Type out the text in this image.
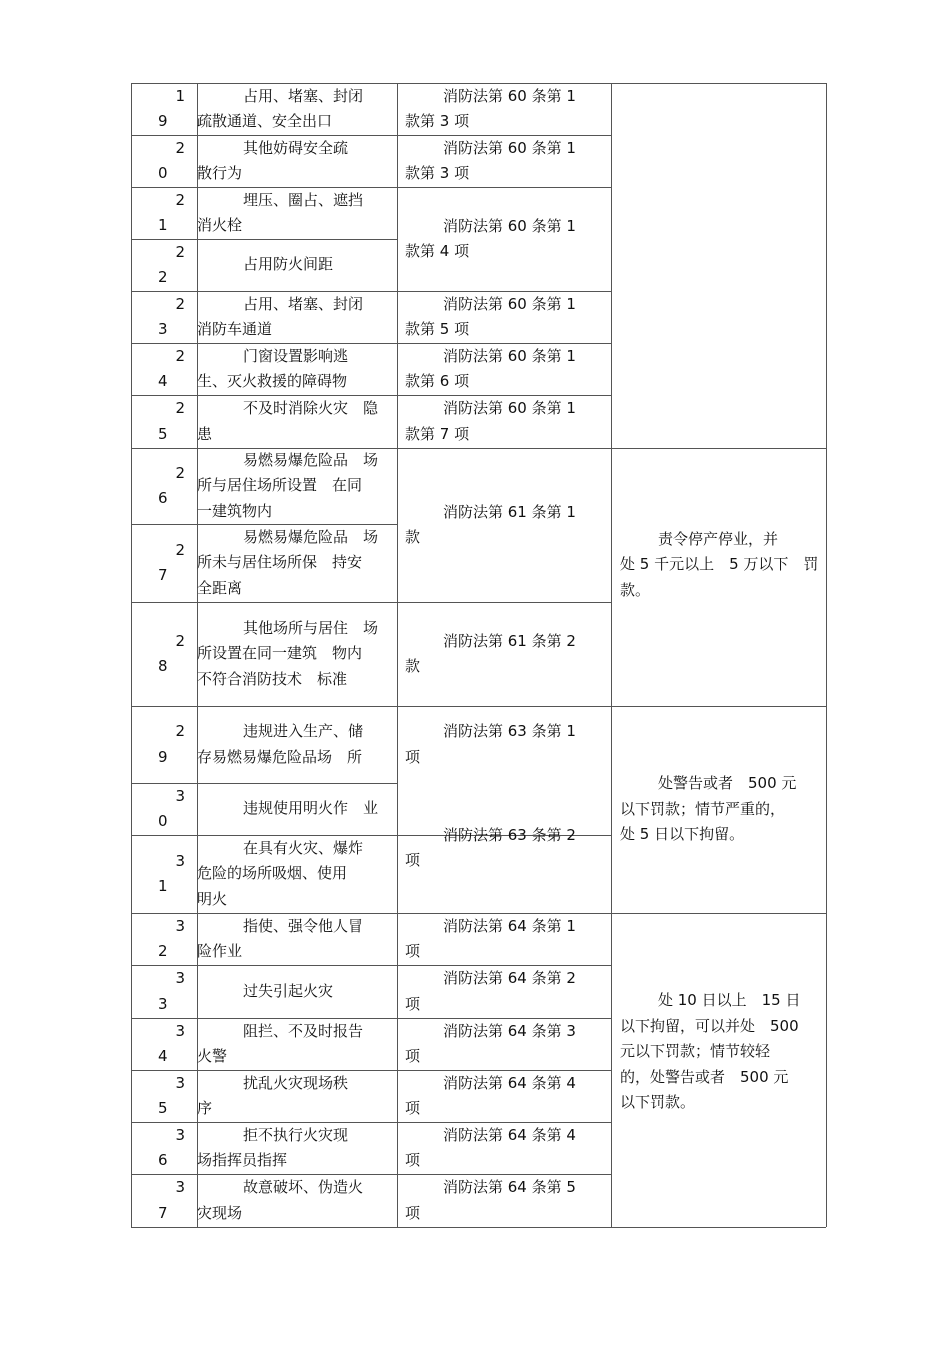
1
9
占用、堵塞、封闭
疏散通道、安全出口
消防法第 60 条第 1
款第 3 项
2
0
其他妨碍安全疏
散行为
消防法第 60 条第 1
款第 3 项
2
1
埋压、圈占、遮挡
消火栓
2
2
占用防火间距
2
3
占用、堵塞、封闭
消防车通道
消防法第 60 条第 1
款第 5 项
2
4
门窗设置影响逃
生、灭火救援的障碍物
消防法第 60 条第 1
款第 6 项
2
5
不及时消除火灾　隐
患
消防法第 60 条第 1
款第 7 项
2
6
易燃易爆危险品　场
所与居住场所设置　在同
一建筑物内
2
7
易燃易爆危险品　场
所未与居住场所保　持安
全距离
2
8
其他场所与居住　场
所设置在同一建筑　物内
不符合消防技术　标准
消防法第 61 条第 2
款
2
9
违规进入生产、储
存易燃易爆危险品场　所
消防法第 63 条第 1
项
3
0
违规使用明火作　业
3
1
在具有火灾、爆炸
危险的场所吸烟、使用
明火
3
2
指使、强令他人冒
险作业
消防法第 64 条第 1
项
3
3
过失引起火灾
消防法第 64 条第 2
项
3
4
阻拦、不及时报告
火警
消防法第 64 条第 3
项
3
5
扰乱火灾现场秩
序
消防法第 64 条第 4
项
3
6
拒不执行火灾现
场指挥员指挥
消防法第 64 条第 4
项
3
7
故意破坏、伪造火
灾现场
消防法第 64 条第 5
项
消防法第 60 条第 1
款第 4 项
消防法第 61 条第 1
款
消防法第 63 条第 2
项
责令停产停业，并
处 5 千元以上　5 万以下　罚
款。
处警告或者　500 元
以下罚款；情节严重的，
处 5 日以下拘留。
处 10 日以上　15 日
以下拘留，可以并处　500
元以下罚款；情节较轻
的，处警告或者　500 元
以下罚款。
